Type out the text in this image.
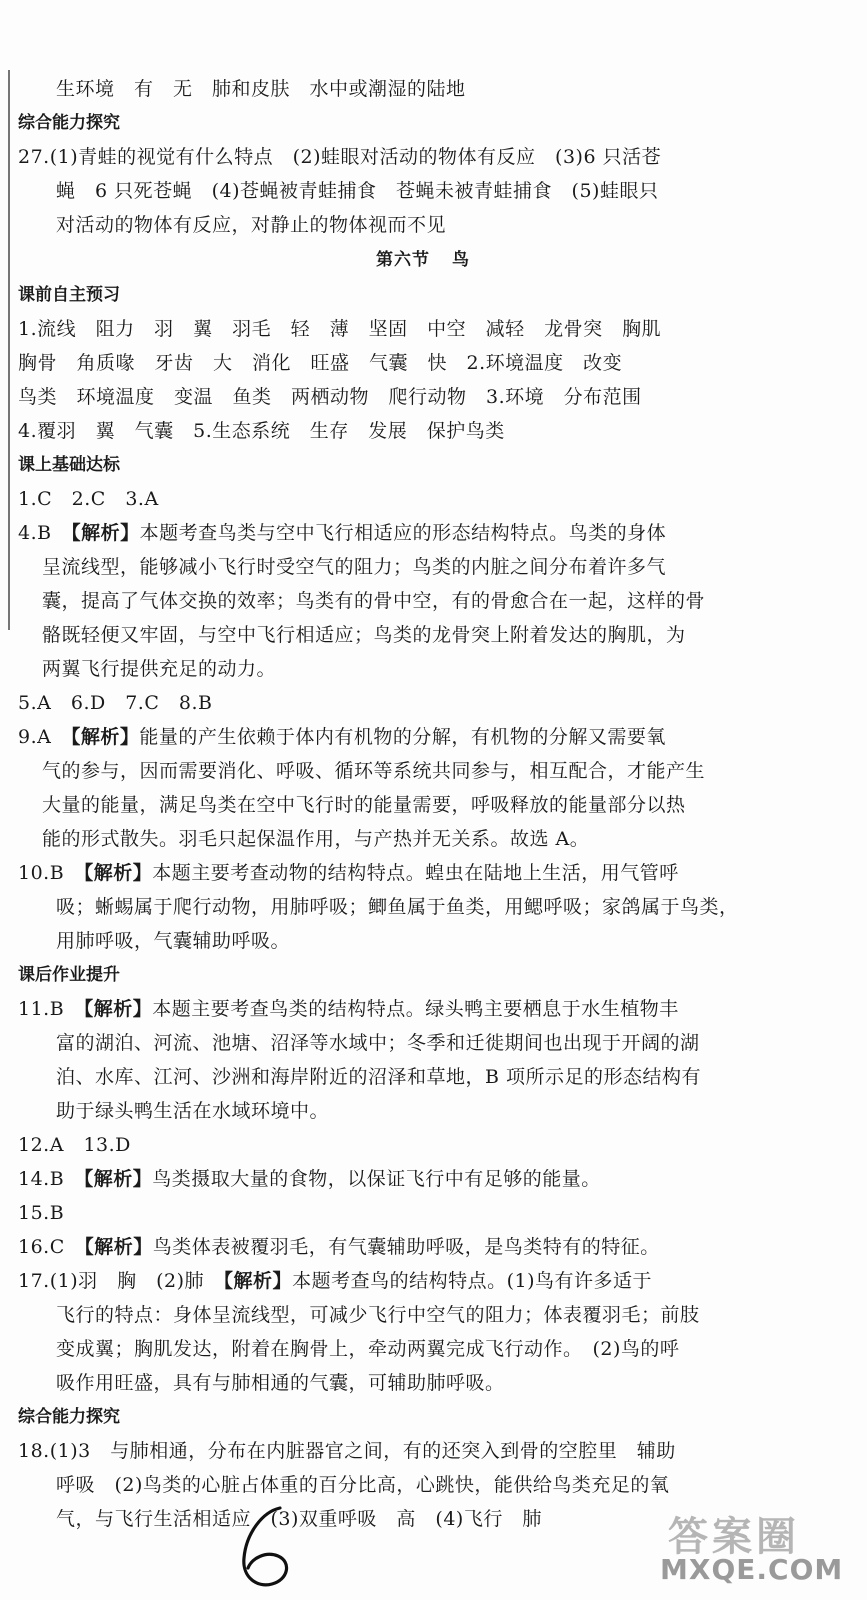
生环境　有　无　肺和皮肤　水中或潮湿的陆地
综合能力探究
27.(1)青蛙的视觉有什么特点　(2)蛙眼对活动的物体有反应　(3)6 只活苍
蝇　6 只死苍蝇　(4)苍蝇被青蛙捕食　苍蝇未被青蛙捕食　(5)蛙眼只
对活动的物体有反应，对静止的物体视而不见
第六节 鸟
课前自主预习
1.流线　阻力　羽　翼　羽毛　轻　薄　坚固　中空　减轻　龙骨突　胸肌
胸骨　角质喙　牙齿　大　消化　旺盛　气囊　快　2.环境温度　改变
鸟类　环境温度　变温　鱼类　两栖动物　爬行动物　3.环境　分布范围
4.覆羽　翼　气囊　5.生态系统　生存　发展　保护鸟类
课上基础达标
1.C　2.C　3.A
4.B　【解析】本题考查鸟类与空中飞行相适应的形态结构特点。鸟类的身体
呈流线型，能够减小飞行时受空气的阻力；鸟类的内脏之间分布着许多气
囊，提高了气体交换的效率；鸟类有的骨中空，有的骨愈合在一起，这样的骨
骼既轻便又牢固，与空中飞行相适应；鸟类的龙骨突上附着发达的胸肌，为
两翼飞行提供充足的动力。
5.A　6.D　7.C　8.B
9.A　【解析】能量的产生依赖于体内有机物的分解，有机物的分解又需要氧
气的参与，因而需要消化、呼吸、循环等系统共同参与，相互配合，才能产生
大量的能量，满足鸟类在空中飞行时的能量需要，呼吸释放的能量部分以热
能的形式散失。羽毛只起保温作用，与产热并无关系。故选 A。
10.B　【解析】本题主要考查动物的结构特点。蝗虫在陆地上生活，用气管呼
吸；蜥蜴属于爬行动物，用肺呼吸；鲫鱼属于鱼类，用鳃呼吸；家鸽属于鸟类，
用肺呼吸，气囊辅助呼吸。
课后作业提升
11.B　【解析】本题主要考查鸟类的结构特点。绿头鸭主要栖息于水生植物丰
富的湖泊、河流、池塘、沼泽等水域中；冬季和迁徙期间也出现于开阔的湖
泊、水库、江河、沙洲和海岸附近的沼泽和草地，B 项所示足的形态结构有
助于绿头鸭生活在水域环境中。
12.A　13.D
14.B　【解析】鸟类摄取大量的食物，以保证飞行中有足够的能量。
15.B
16.C　【解析】鸟类体表被覆羽毛，有气囊辅助呼吸，是鸟类特有的特征。
17.(1)羽　胸　(2)肺　【解析】本题考查鸟的结构特点。(1)鸟有许多适于
飞行的特点：身体呈流线型，可减少飞行中空气的阻力；体表覆羽毛；前肢
变成翼；胸肌发达，附着在胸骨上，牵动两翼完成飞行动作。　(2)鸟的呼
吸作用旺盛，具有与肺相通的气囊，可辅助肺呼吸。
综合能力探究
18.(1)3　与肺相通，分布在内脏器官之间，有的还突入到骨的空腔里　辅助
呼吸　(2)鸟类的心脏占体重的百分比高，心跳快，能供给鸟类充足的氧
气，与飞行生活相适应　(3)双重呼吸　高　(4)飞行　肺	答案圈
MXQE.COM
